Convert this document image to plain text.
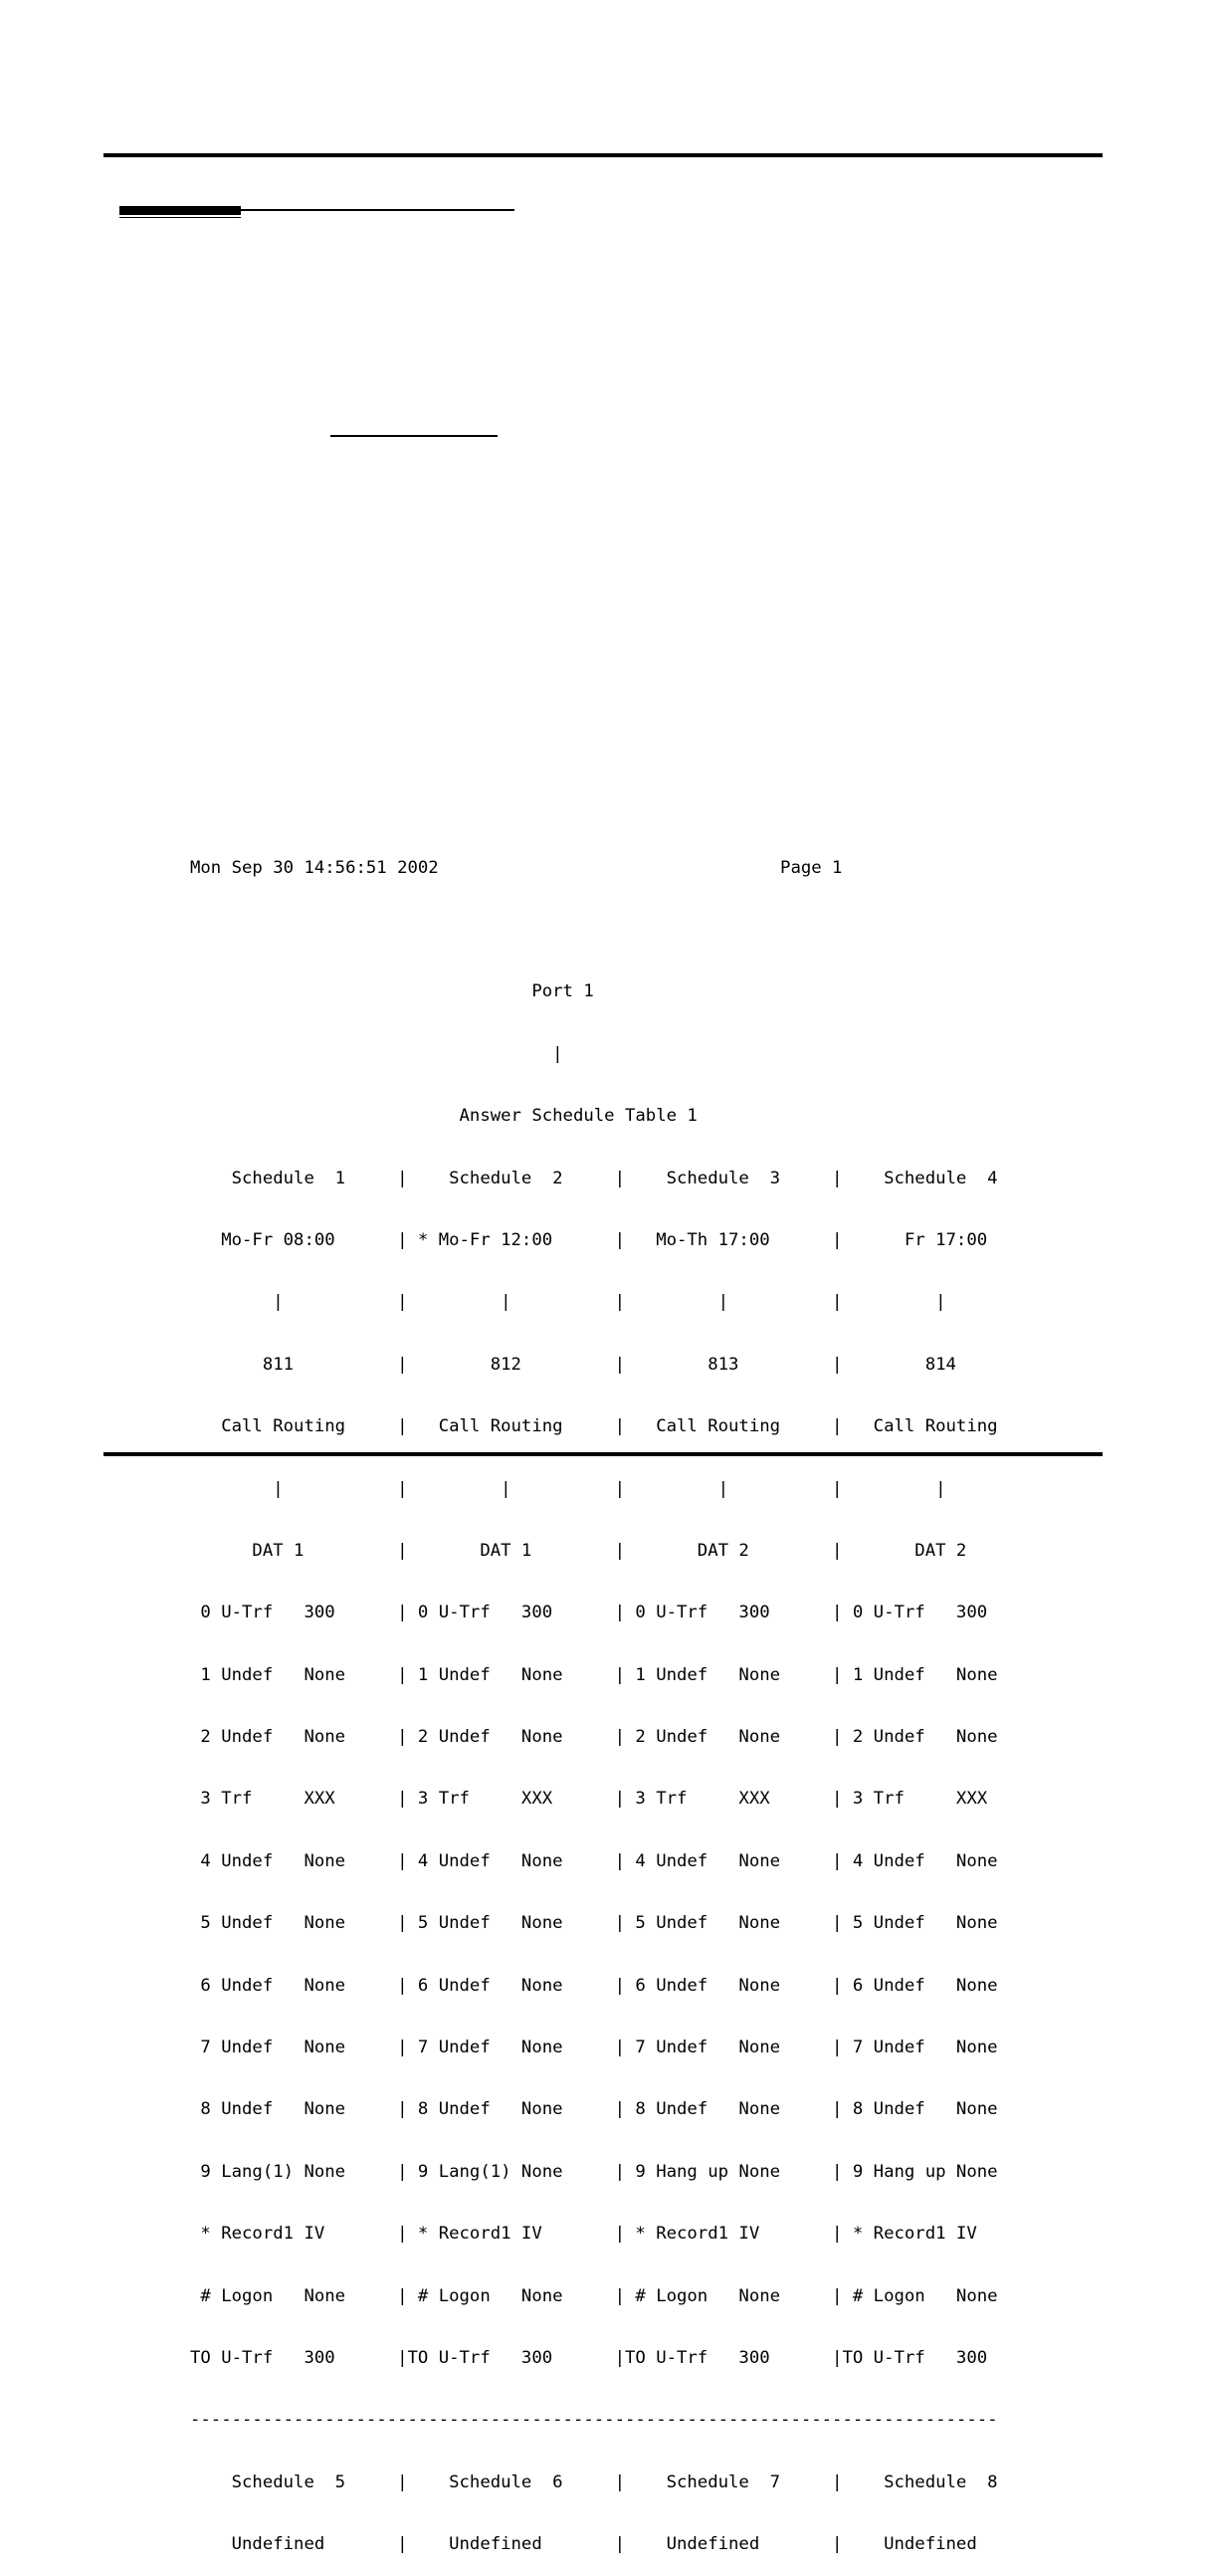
Mon Sep 30 14:56:51 2002                                 Page 1

Port 1

|

Answer Schedule Table 1

Schedule  1     |    Schedule  2     |    Schedule  3     |    Schedule  4

Mo-Fr 08:00      | * Mo-Fr 12:00      |   Mo-Th 17:00      |      Fr 17:00

|           |         |          |         |          |         |

811          |        812         |        813         |        814

Call Routing     |   Call Routing     |   Call Routing     |   Call Routing

|           |         |          |         |          |         |

DAT 1         |       DAT 1        |       DAT 2        |       DAT 2

0 U-Trf   300      | 0 U-Trf   300      | 0 U-Trf   300      | 0 U-Trf   300

1 Undef   None     | 1 Undef   None     | 1 Undef   None     | 1 Undef   None

2 Undef   None     | 2 Undef   None     | 2 Undef   None     | 2 Undef   None

3 Trf     XXX      | 3 Trf     XXX      | 3 Trf     XXX      | 3 Trf     XXX

4 Undef   None     | 4 Undef   None     | 4 Undef   None     | 4 Undef   None

5 Undef   None     | 5 Undef   None     | 5 Undef   None     | 5 Undef   None

6 Undef   None     | 6 Undef   None     | 6 Undef   None     | 6 Undef   None

7 Undef   None     | 7 Undef   None     | 7 Undef   None     | 7 Undef   None

8 Undef   None     | 8 Undef   None     | 8 Undef   None     | 8 Undef   None

9 Lang(1) None     | 9 Lang(1) None     | 9 Hang up None     | 9 Hang up None

* Record1 IV       | * Record1 IV       | * Record1 IV       | * Record1 IV

# Logon   None     | # Logon   None     | # Logon   None     | # Logon   None

TO U-Trf   300      |TO U-Trf   300      |TO U-Trf   300      |TO U-Trf   300

------------------------------------------------------------------------------

Schedule  5     |    Schedule  6     |    Schedule  7     |    Schedule  8

Undefined       |    Undefined       |    Undefined       |    Undefined
